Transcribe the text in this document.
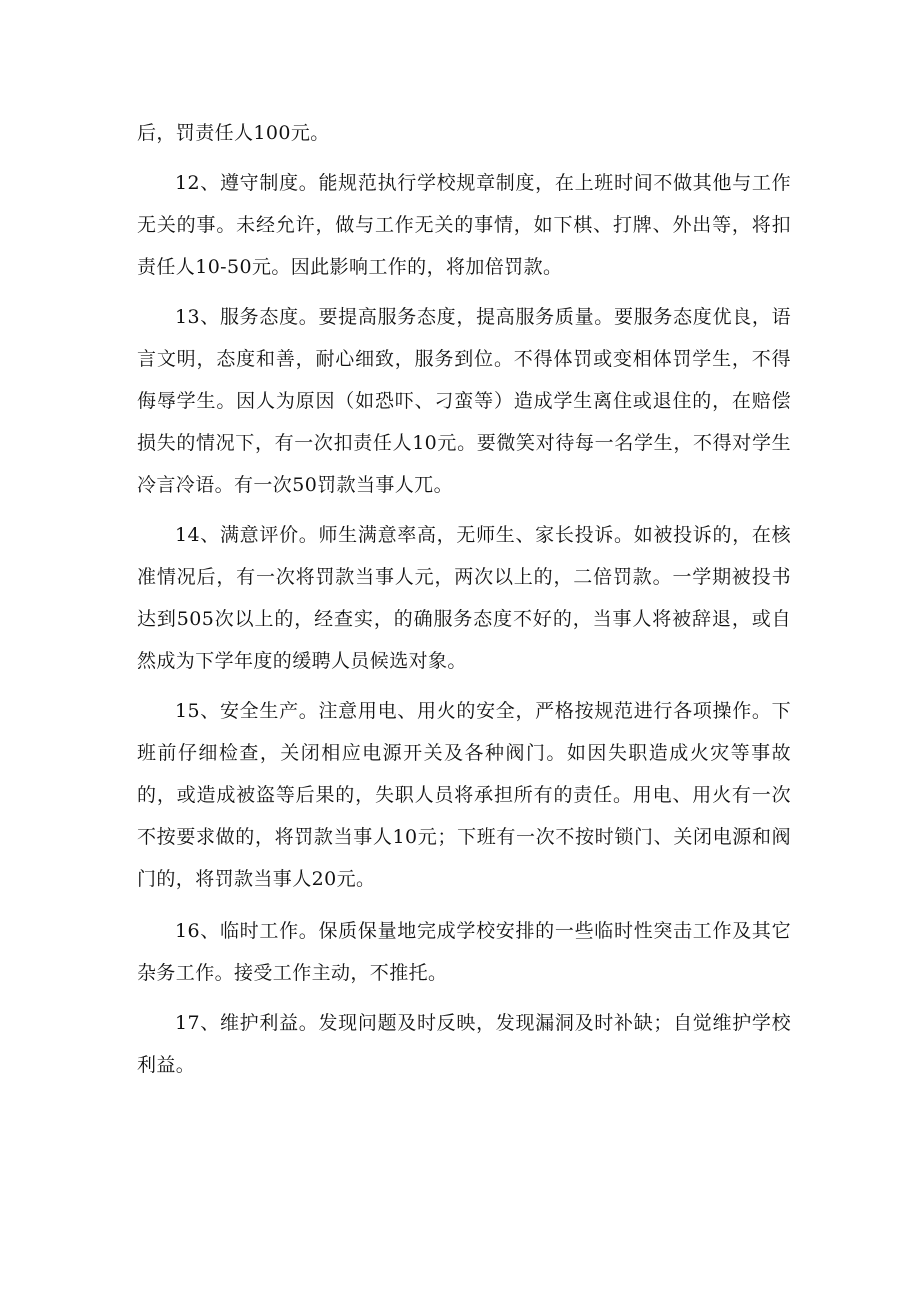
后，罚责任人100元。

12、遵守制度。能规范执行学校规章制度，在上班时间不做其他与工作无关的事。未经允许，做与工作无关的事情，如下棋、打牌、外出等，将扣责任人10-50元。因此影响工作的，将加倍罚款。

13、服务态度。要提高服务态度，提高服务质量。要服务态度优良，语言文明，态度和善，耐心细致，服务到位。不得体罚或变相体罚学生，不得侮辱学生。因人为原因（如恐吓、刁蛮等）造成学生离住或退住的，在赔偿损失的情况下，有一次扣责任人10元。要微笑对待每一名学生，不得对学生冷言冷语。有一次50罚款当事人兀。

14、满意评价。师生满意率高，无师生、家长投诉。如被投诉的，在核准情况后，有一次将罚款当事人元，两次以上的，二倍罚款。一学期被投书达到505次以上的，经查实，的确服务态度不好的，当事人将被辞退，或自然成为下学年度的缓聘人员候选对象。

15、安全生产。注意用电、用火的安全，严格按规范进行各项操作。下班前仔细检查，关闭相应电源开关及各种阀门。如因失职造成火灾等事故的，或造成被盗等后果的，失职人员将承担所有的责任。用电、用火有一次不按要求做的，将罚款当事人10元；下班有一次不按时锁门、关闭电源和阀门的，将罚款当事人20元。

16、临时工作。保质保量地完成学校安排的一些临时性突击工作及其它杂务工作。接受工作主动，不推托。

17、维护利益。发现问题及时反映，发现漏洞及时补缺；自觉维护学校利益。
